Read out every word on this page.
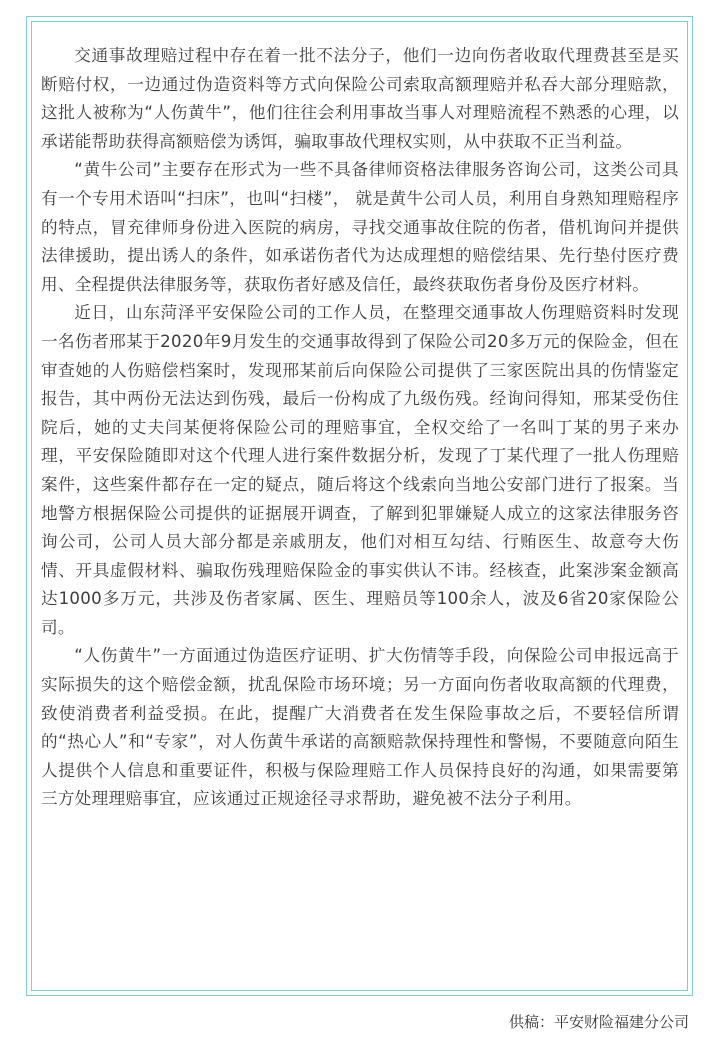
交通事故理赔过程中存在着一批不法分子，他们一边向伤者收取代理费甚至是买断赔付权，一边通过伪造资料等方式向保险公司索取高额理赔并私吞大部分理赔款，这批人被称为“人伤黄牛”，他们往往会利用事故当事人对理赔流程不熟悉的心理，以承诺能帮助获得高额赔偿为诱饵，骗取事故代理权实则，从中获取不正当利益。

“黄牛公司”主要存在形式为一些不具备律师资格法律服务咨询公司，这类公司具有一个专用术语叫“扫床”，也叫“扫楼”， 就是黄牛公司人员，利用自身熟知理赔程序的特点，冒充律师身份进入医院的病房，寻找交通事故住院的伤者，借机询问并提供法律援助，提出诱人的条件，如承诺伤者代为达成理想的赔偿结果、先行垫付医疗费用、全程提供法律服务等，获取伤者好感及信任，最终获取伤者身份及医疗材料。

近日，山东菏泽平安保险公司的工作人员，在整理交通事故人伤理赔资料时发现一名伤者邢某于2020年9月发生的交通事故得到了保险公司20多万元的保险金，但在审查她的人伤赔偿档案时，发现邢某前后向保险公司提供了三家医院出具的伤情鉴定报告，其中两份无法达到伤残，最后一份构成了九级伤残。经询问得知，邢某受伤住院后，她的丈夫闫某便将保险公司的理赔事宜，全权交给了一名叫丁某的男子来办理，平安保险随即对这个代理人进行案件数据分析，发现了丁某代理了一批人伤理赔案件，这些案件都存在一定的疑点，随后将这个线索向当地公安部门进行了报案。当地警方根据保险公司提供的证据展开调查，了解到犯罪嫌疑人成立的这家法律服务咨询公司，公司人员大部分都是亲戚朋友，他们对相互勾结、行贿医生、故意夸大伤情、开具虚假材料、骗取伤残理赔保险金的事实供认不讳。经核查，此案涉案金额高达1000多万元，共涉及伤者家属、医生、理赔员等100余人，波及6省20家保险公司。

“人伤黄牛”一方面通过伪造医疗证明、扩大伤情等手段，向保险公司申报远高于实际损失的这个赔偿金额，扰乱保险市场环境；另一方面向伤者收取高额的代理费，致使消费者利益受损。在此，提醒广大消费者在发生保险事故之后，不要轻信所谓的“热心人”和“专家”，对人伤黄牛承诺的高额赔款保持理性和警惕，不要随意向陌生人提供个人信息和重要证件，积极与保险理赔工作人员保持良好的沟通，如果需要第三方处理理赔事宜，应该通过正规途径寻求帮助，避免被不法分子利用。

供稿：平安财险福建分公司
